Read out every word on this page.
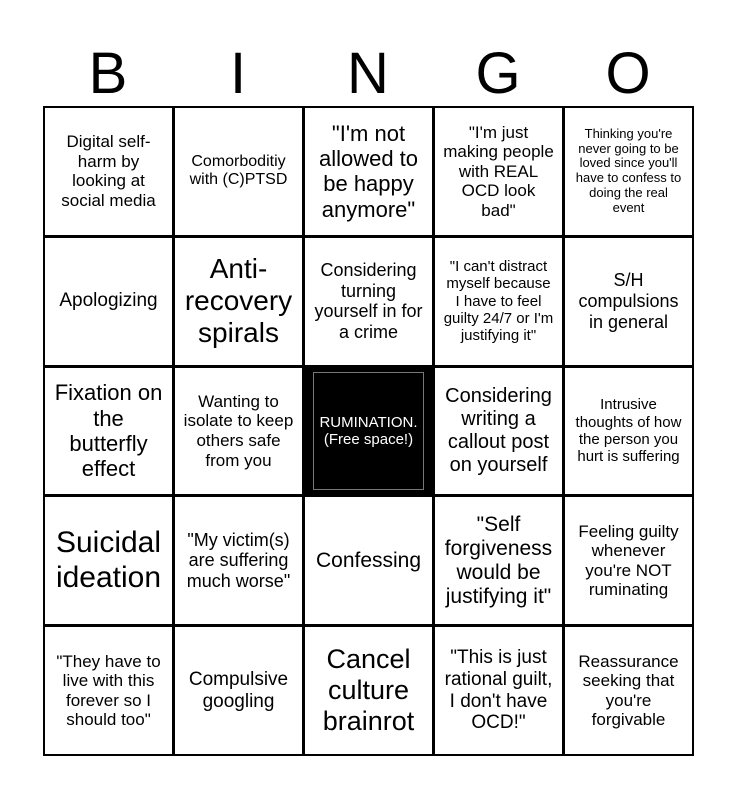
B	I	N	G	O
Digital self-harm by looking at social media
Comorboditiy with (C)PTSD
"I'm not allowed to be happy anymore"
"I'm just making people with REAL OCD look bad"
Thinking you're never going to be loved since you'll have to confess to doing the real event
Apologizing
Anti-recovery spirals
Considering turning yourself in for a crime
"I can't distract myself because I have to feel guilty 24/7 or I'm justifying it"
S/H compulsions in general
Fixation on the butterfly effect
Wanting to isolate to keep others safe from you
RUMINATION. (Free space!)
Considering writing a callout post on yourself
Intrusive thoughts of how the person you hurt is suffering
Suicidal ideation
"My victim(s) are suffering much worse"
Confessing
"Self forgiveness would be justifying it"
Feeling guilty whenever you're NOT ruminating
"They have to live with this forever so I should too"
Compulsive googling
Cancel culture brainrot
"This is just rational guilt, I don't have OCD!"
Reassurance seeking that you're forgivable
